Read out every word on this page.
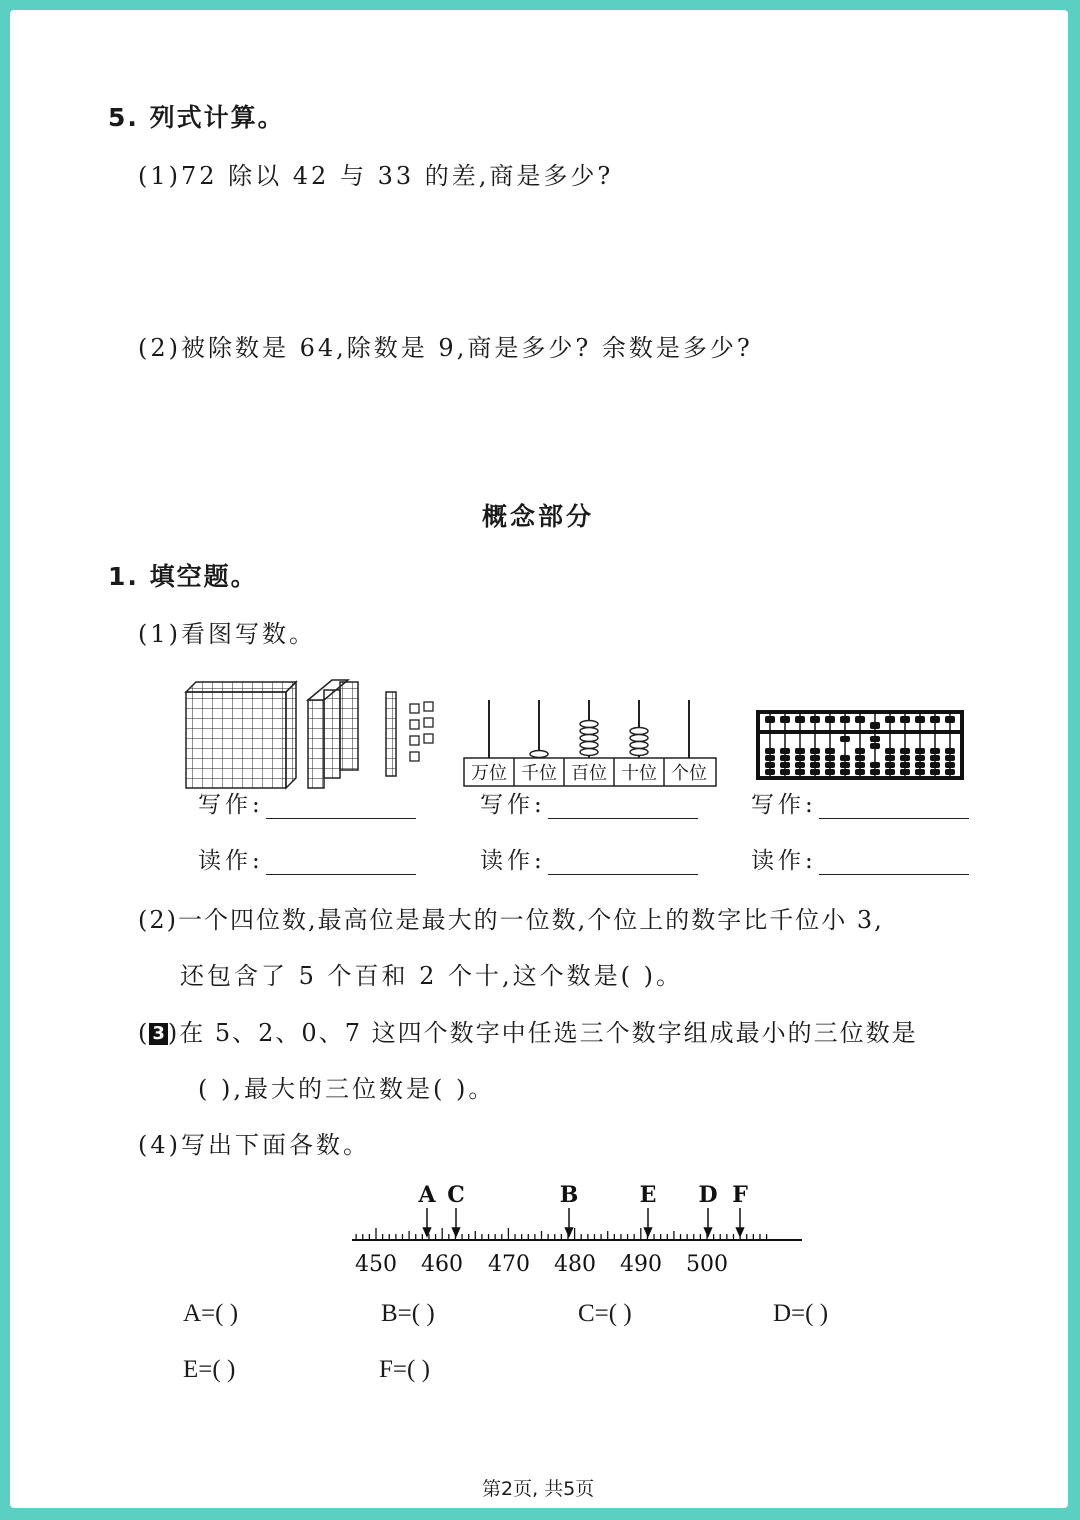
5. 列式计算。
(1)72 除以 42 与 33 的差,商是多少?
(2)被除数是 64,除数是 9,商是多少? 余数是多少?
概念部分
1. 填空题。
(1)看图写数。
万位 千位 百位 十位 个位
写作:	写作:	写作:
读作:	读作:	读作:
(2)一个四位数,最高位是最大的一位数,个位上的数字比千位小 3,
还包含了 5 个百和 2 个十,这个数是( )。
( 3 )在 5、2、0、7 这四个数字中任选三个数字组成最小的三位数是
( ),最大的三位数是( )。
(4)写出下面各数。
A C	B	E D F
450 460 470 480 490 500
A=( )	B=( )	C=( )	D=( )
E=( )	F=( )
第2页, 共5页
